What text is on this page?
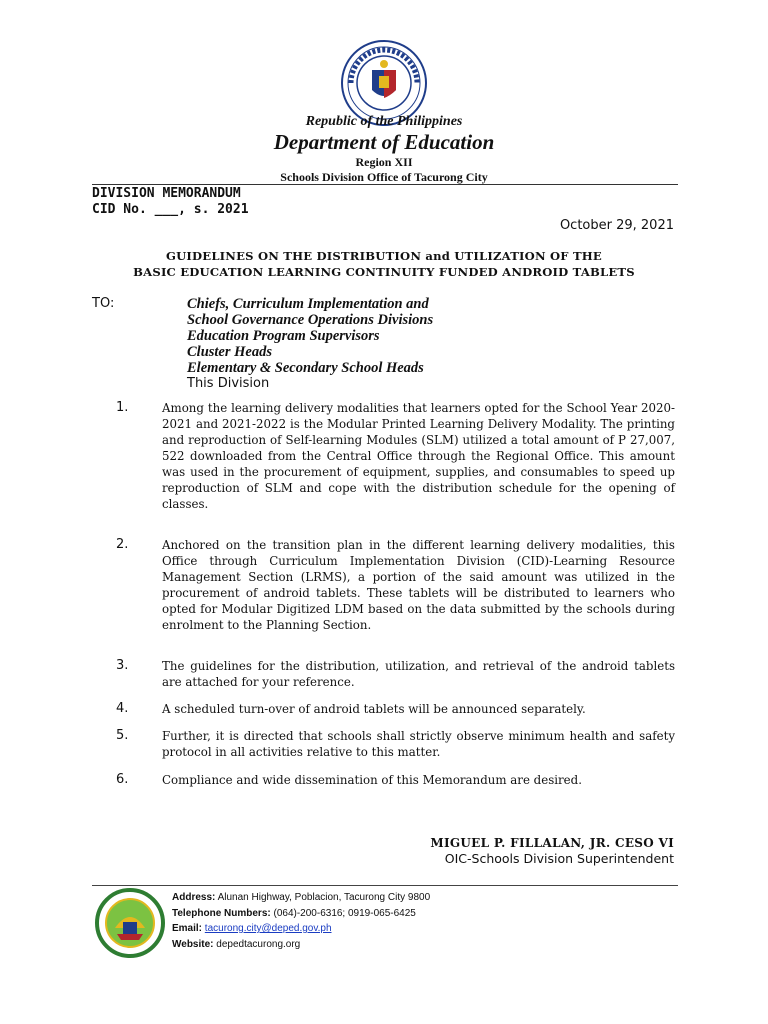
Republic of the Philippines
Department of Education
Region XII
Schools Division Office of Tacurong City
DIVISION MEMORANDUM
CID No. ___, s. 2021
October 29, 2021
GUIDELINES ON THE DISTRIBUTION and UTILIZATION OF THE
BASIC EDUCATION LEARNING CONTINUITY FUNDED ANDROID TABLETS
TO:	Chiefs, Curriculum Implementation and
School Governance Operations Divisions
Education Program Supervisors
Cluster Heads
Elementary & Secondary School Heads
This Division
1.	Among the learning delivery modalities that learners opted for the School Year 2020-2021 and 2021-2022 is the Modular Printed Learning Delivery Modality. The printing and reproduction of Self-learning Modules (SLM) utilized a total amount of P 27,007, 522 downloaded from the Central Office through the Regional Office. This amount was used in the procurement of equipment, supplies, and consumables to speed up reproduction of SLM and cope with the distribution schedule for the opening of classes.
2.	Anchored on the transition plan in the different learning delivery modalities, this Office through Curriculum Implementation Division (CID)-Learning Resource Management Section (LRMS), a portion of the said amount was utilized in the procurement of android tablets. These tablets will be distributed to learners who opted for Modular Digitized LDM based on the data submitted by the schools during enrolment to the Planning Section.
3.	The guidelines for the distribution, utilization, and retrieval of the android tablets are attached for your reference.
4.	A scheduled turn-over of android tablets will be announced separately.
5.	Further, it is directed that schools shall strictly observe minimum health and safety protocol in all activities relative to this matter.
6.	Compliance and wide dissemination of this Memorandum are desired.
MIGUEL P. FILLALAN, JR. CESO VI
OIC-Schools Division Superintendent
Address: Alunan Highway, Poblacion, Tacurong City 9800
Telephone Numbers: (064)-200-6316; 0919-065-6425
Email: tacurong.city@deped.gov.ph
Website: depedtacurong.org
